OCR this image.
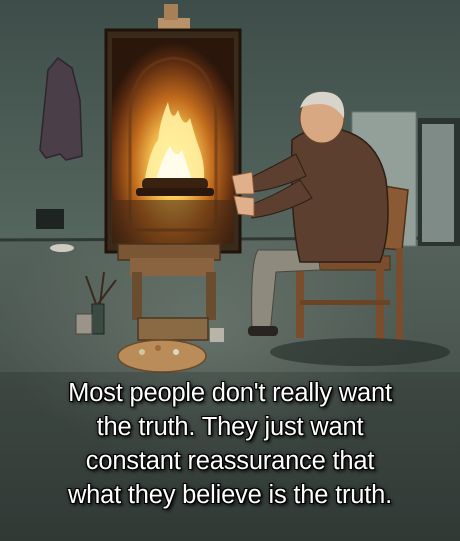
Most people don't really want
the truth. They just want
constant reassurance that
what they believe is the truth.
